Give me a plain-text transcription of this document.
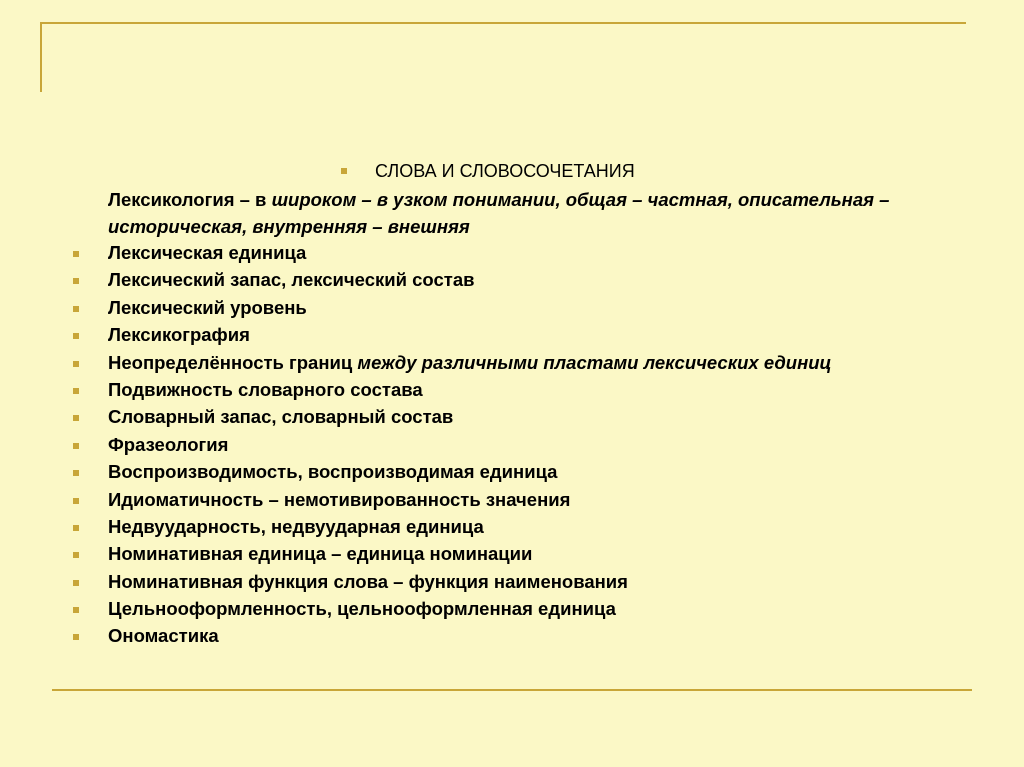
СЛОВА И СЛОВОСОЧЕТАНИЯ
Лексикология – в широком – в узком понимании, общая – частная, описательная – историческая, внутренняя – внешняя
Лексическая единица
Лексический запас, лексический состав
Лексический уровень
Лексикография
Неопределённость границ между различными пластами лексических единиц
Подвижность словарного состава
Словарный запас, словарный состав
Фразеология
Воспроизводимость, воспроизводимая единица
Идиоматичность – немотивированность значения
Недвуударность, недвуударная единица
Номинативная единица – единица номинации
Номинативная функция слова – функция наименования
Цельнооформленность, цельнооформленная единица
Ономастика
